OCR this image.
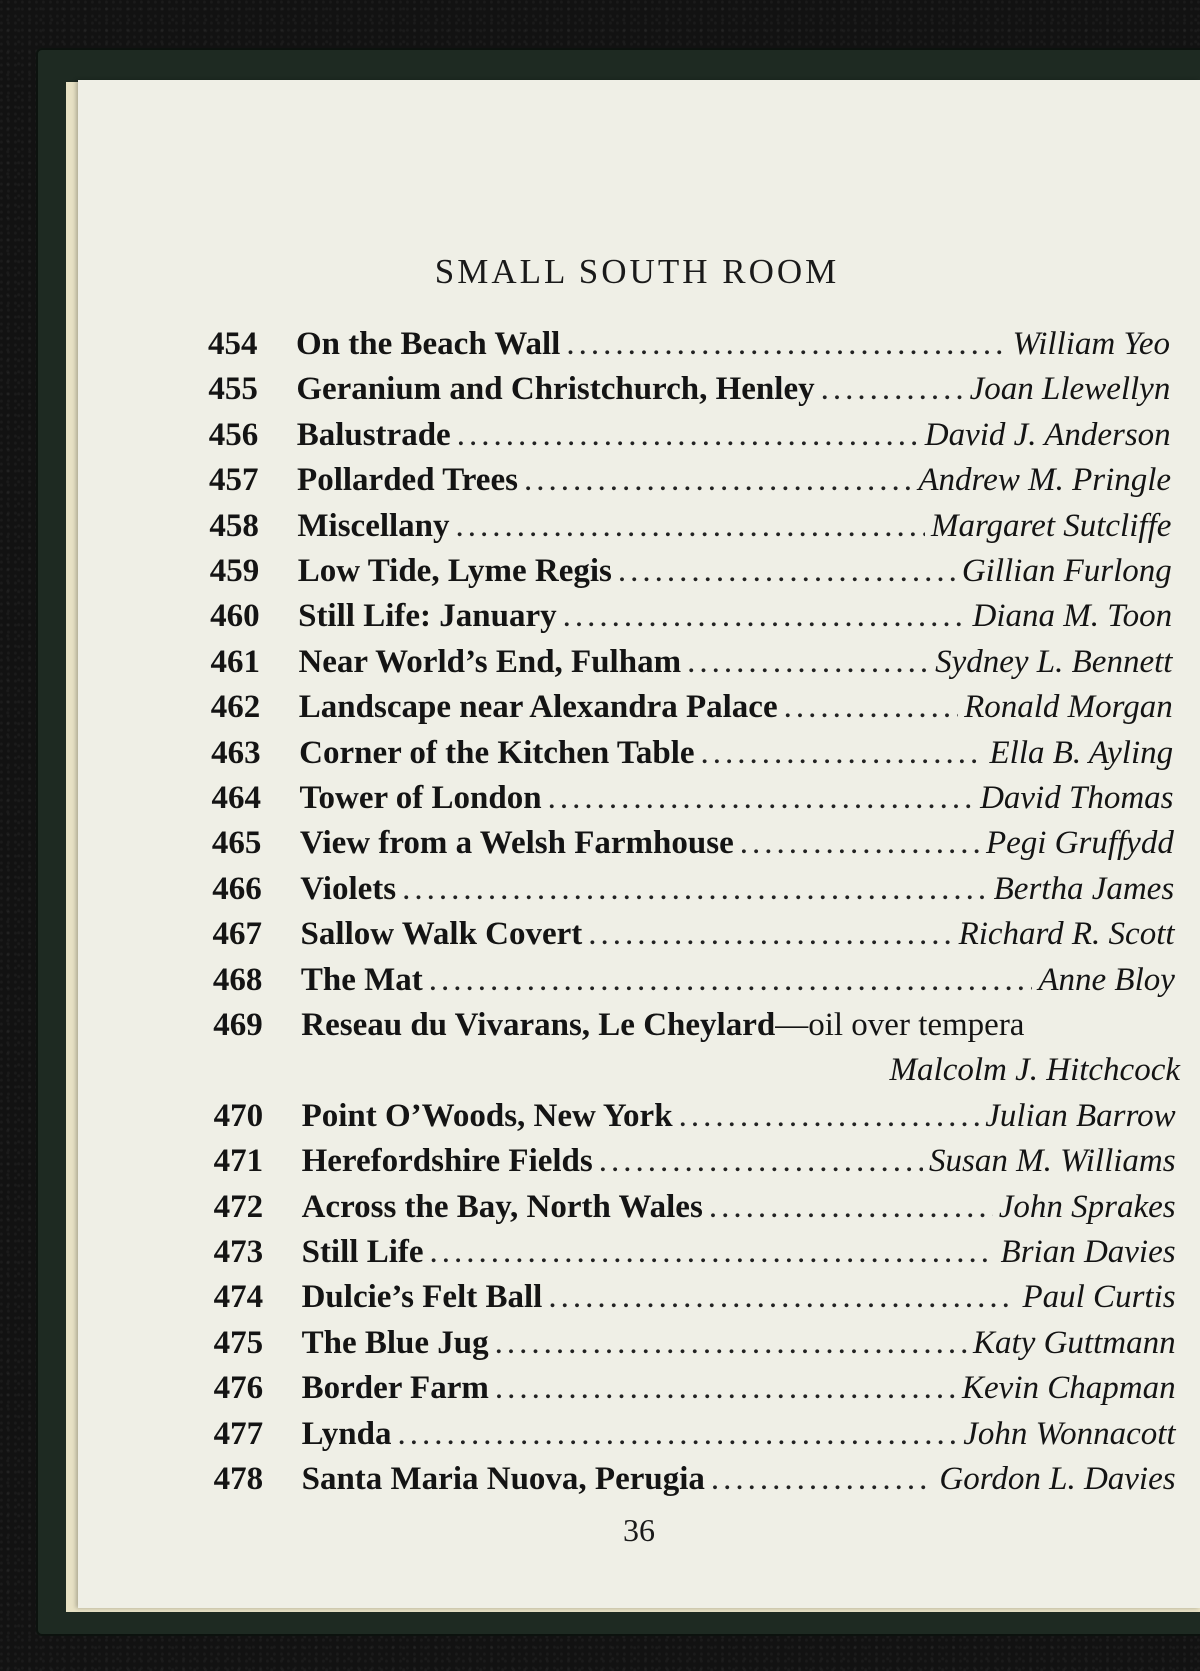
SMALL SOUTH ROOM
454	On the Beach Wall .....	William Yeo
455	Geranium and Christchurch, Henley .....	Joan Llewellyn
456	Balustrade .....	David J. Anderson
457	Pollarded Trees .....	Andrew M. Pringle
458	Miscellany .....	Margaret Sutcliffe
459	Low Tide, Lyme Regis .....	Gillian Furlong
460	Still Life: January .....	Diana M. Toon
461	Near World’s End, Fulham .....	Sydney L. Bennett
462	Landscape near Alexandra Palace .....	Ronald Morgan
463	Corner of the Kitchen Table .....	Ella B. Ayling
464	Tower of London .....	David Thomas
465	View from a Welsh Farmhouse .....	Pegi Gruffydd
466	Violets .....	Bertha James
467	Sallow Walk Covert .....	Richard R. Scott
468	The Mat .....	Anne Bloy
469	Reseau du Vivarans, Le Cheylard —oil over tempera
Malcolm J. Hitchcock
470	Point O’Woods, New York .....	Julian Barrow
471	Herefordshire Fields .....	Susan M. Williams
472	Across the Bay, North Wales .....	John Sprakes
473	Still Life .....	Brian Davies
474	Dulcie’s Felt Ball .....	Paul Curtis
475	The Blue Jug .....	Katy Guttmann
476	Border Farm .....	Kevin Chapman
477	Lynda .....	John Wonnacott
478	Santa Maria Nuova, Perugia .....	Gordon L. Davies
36
